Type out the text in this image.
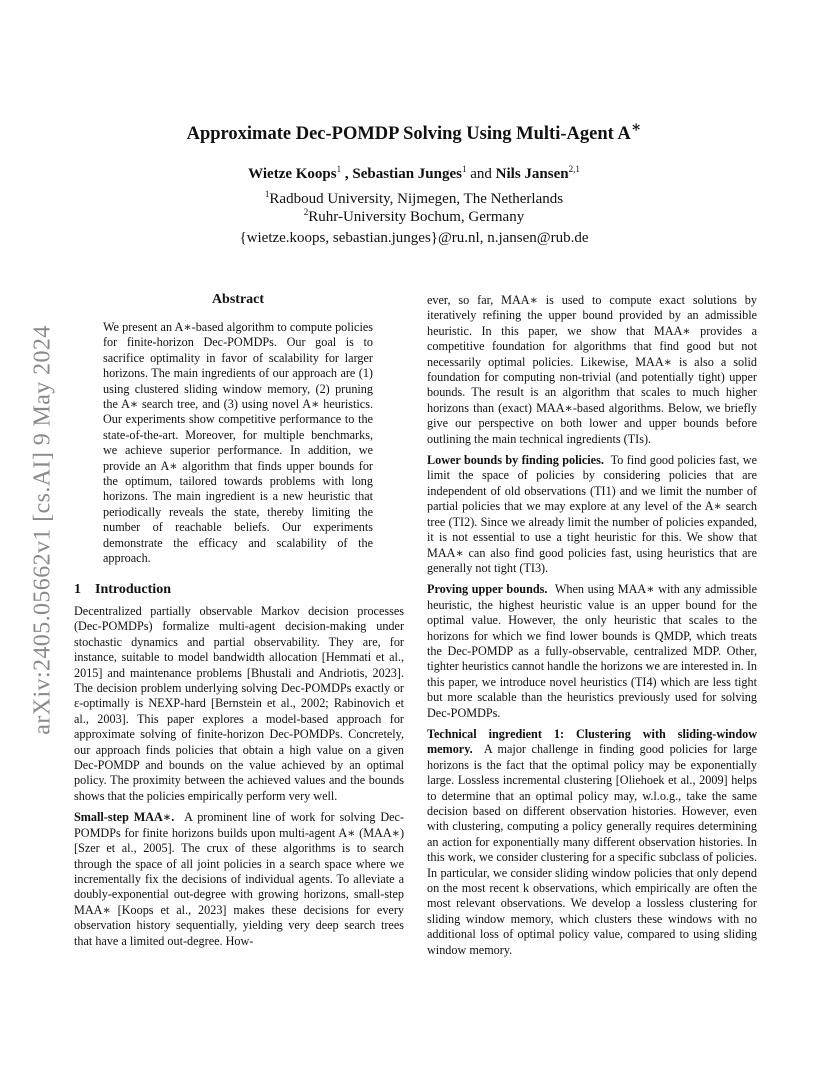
arXiv:2405.05662v1 [cs.AI] 9 May 2024
Approximate Dec-POMDP Solving Using Multi-Agent A∗
Wietze Koops$^1$ , Sebastian Junges$^1$ and Nils Jansen$^{2,1}$
$^1$Radboud University, Nijmegen, The Netherlands
$^2$Ruhr-University Bochum, Germany
{wietze.koops, sebastian.junges}@ru.nl, n.jansen@rub.de
Abstract

We present an A∗-based algorithm to compute policies for finite-horizon Dec-POMDPs. Our goal is to sacrifice optimality in favor of scalability for larger horizons. The main ingredients of our approach are (1) using clustered sliding window memory, (2) pruning the A∗ search tree, and (3) using novel A∗ heuristics. Our experiments show competitive performance to the state-of-the-art. Moreover, for multiple benchmarks, we achieve superior performance. In addition, we provide an A∗ algorithm that finds upper bounds for the optimum, tailored towards problems with long horizons. The main ingredient is a new heuristic that periodically reveals the state, thereby limiting the number of reachable beliefs. Our experiments demonstrate the efficacy and scalability of the approach.

1 Introduction

Decentralized partially observable Markov decision processes (Dec-POMDPs) formalize multi-agent decision-making under stochastic dynamics and partial observability. They are, for instance, suitable to model bandwidth allocation [Hemmati et al., 2015] and maintenance problems [Bhustali and Andriotis, 2023]. The decision problem underlying solving Dec-POMDPs exactly or ε-optimally is NEXP-hard [Bernstein et al., 2002; Rabinovich et al., 2003]. This paper explores a model-based approach for approximate solving of finite-horizon Dec-POMDPs. Concretely, our approach finds policies that obtain a high value on a given Dec-POMDP and bounds on the value achieved by an optimal policy. The proximity between the achieved values and the bounds shows that the policies empirically perform very well.

Small-step MAA∗. A prominent line of work for solving Dec-POMDPs for finite horizons builds upon multi-agent A∗ (MAA∗) [Szer et al., 2005]. The crux of these algorithms is to search through the space of all joint policies in a search space where we incrementally fix the decisions of individual agents. To alleviate a doubly-exponential out-degree with growing horizons, small-step MAA∗ [Koops et al., 2023] makes these decisions for every observation history sequentially, yielding very deep search trees that have a limited out-degree. How-

ever, so far, MAA∗ is used to compute exact solutions by iteratively refining the upper bound provided by an admissible heuristic. In this paper, we show that MAA∗ provides a competitive foundation for algorithms that find good but not necessarily optimal policies. Likewise, MAA∗ is also a solid foundation for computing non-trivial (and potentially tight) upper bounds. The result is an algorithm that scales to much higher horizons than (exact) MAA∗-based algorithms. Below, we briefly give our perspective on both lower and upper bounds before outlining the main technical ingredients (TIs).

Lower bounds by finding policies. To find good policies fast, we limit the space of policies by considering policies that are independent of old observations (TI1) and we limit the number of partial policies that we may explore at any level of the A∗ search tree (TI2). Since we already limit the number of policies expanded, it is not essential to use a tight heuristic for this. We show that MAA∗ can also find good policies fast, using heuristics that are generally not tight (TI3).

Proving upper bounds. When using MAA∗ with any admissible heuristic, the highest heuristic value is an upper bound for the optimal value. However, the only heuristic that scales to the horizons for which we find lower bounds is QMDP, which treats the Dec-POMDP as a fully-observable, centralized MDP. Other, tighter heuristics cannot handle the horizons we are interested in. In this paper, we introduce novel heuristics (TI4) which are less tight but more scalable than the heuristics previously used for solving Dec-POMDPs.

Technical ingredient 1: Clustering with sliding-window memory. A major challenge in finding good policies for large horizons is the fact that the optimal policy may be exponentially large. Lossless incremental clustering [Oliehoek et al., 2009] helps to determine that an optimal policy may, w.l.o.g., take the same decision based on different observation histories. However, even with clustering, computing a policy generally requires determining an action for exponentially many different observation histories. In this work, we consider clustering for a specific subclass of policies. In particular, we consider sliding window policies that only depend on the most recent k observations, which empirically are often the most relevant observations. We develop a lossless clustering for sliding window memory, which clusters these windows with no additional loss of optimal policy value, compared to using sliding window memory.
